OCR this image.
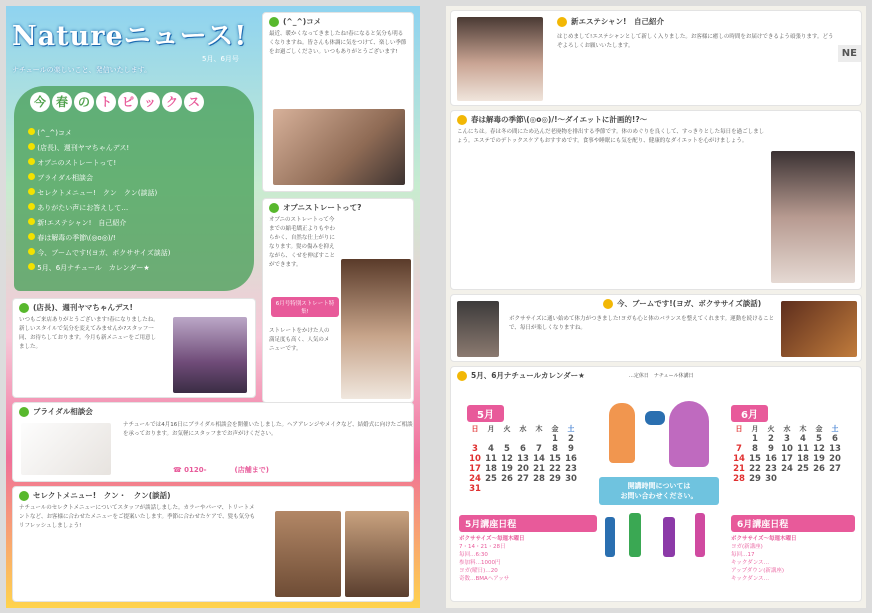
Natureニュース!
5月、6月号
ナチュールの楽しいこと、発信いたします。
今 春 の ト ピ ッ ク ス
(^_^)コメ
(店長)、週刊ヤマちゃんデス!
オブニのストレートって!
ブライダル相談会
セレクトメニュー!　クン　クン(談話)
ありがたい声にお答えして…
新!エステシャン!　自己紹介
春は解毒の季節\(◎o◎)/!
今、ブームです!(ヨガ、ボクササイズ談話)
5月、6月ナチュール　カレンダー★
(^_^)コメ
最近、暖かくなってきましたね!春になると気分も明るくなりますね。皆さんも体調に気をつけて、楽しい季節をお過ごしください。いつもありがとうございます!
オブニストレートって?
オブニのストレートって今までの縮毛矯正よりもやわらかく、自然な仕上がりになります。髪の傷みを抑えながら、くせを伸ばすことができます。
6月号特別ストレート特集!
ストレートをかけた人の満足度も高く、人気のメニューです。
(店長)、週刊ヤマちゃんデス!
いつもご来店ありがとうございます!春になりましたね。新しいスタイルで気分を変えてみませんか?スタッフ一同、お待ちしております。今月も新メニューをご用意しました。
ブライダル相談会
ナチュールでは4月16日にブライダル相談会を開催いたしました。ヘアアレンジやメイクなど、結婚式に向けたご相談を承っております。お気軽にスタッフまでお声がけください。
☎ 0120-　　　　(店舗まで)
セレクトメニュー!　クン・　クン(談話)
ナチュールのセレクトメニューについてスタッフが談話しました。カラーやパーマ、トリートメントなど、お客様に合わせたメニューをご提案いたします。季節に合わせたケアで、髪も気分もリフレッシュしましょう!
新エステシャン!　自己紹介
はじめまして!エステシャンとして新しく入りました。お客様に癒しの時間をお届けできるよう頑張ります。どうぞよろしくお願いいたします。
NE
春は解毒の季節\(◎o◎)/!〜ダイエットに計画的!?〜
こんにちは。春は冬の間にため込んだ老廃物を排出する季節です。体のめぐりを良くして、すっきりとした毎日を過ごしましょう。エステでのデトックスケアもおすすめです。食事や睡眠にも気を配り、健康的なダイエットを心がけましょう。
今、ブームです!(ヨガ、ボクササイズ談話)
ボクササイズに通い始めて体力がつきました!ヨガも心と体のバランスを整えてくれます。運動を続けることで、毎日が楽しくなりますね。
5月、6月ナチュールカレンダー★	…定休日　ナチュール休講日
5月
日 月 火 水 木 金 土
1 2
3 4 5 6 7 8 9
10 11 12 13 14 15 16
17 18 19 20 21 22 23
24 25 26 27 28 29 30
31
6月
日 月 火 水 木 金 土
1 2 3 4 5 6
7 8 9 10 11 12 13
14 15 16 17 18 19 20
21 22 23 24 25 26 27
28 29 30
開講時間については
お問い合わせください。
5月講座日程
ボクササイズ〜毎週木曜日
7・14・21・28日
毎回…6:30
参加料…1000円
ヨガ(曜日)…20
奇数…BMAヘアッサ
6月講座日程
ボクササイズ〜毎週木曜日
ヨガ(新講座)
毎回…17
キックダンス…
アップダウン(新講座)
キックダンス…
